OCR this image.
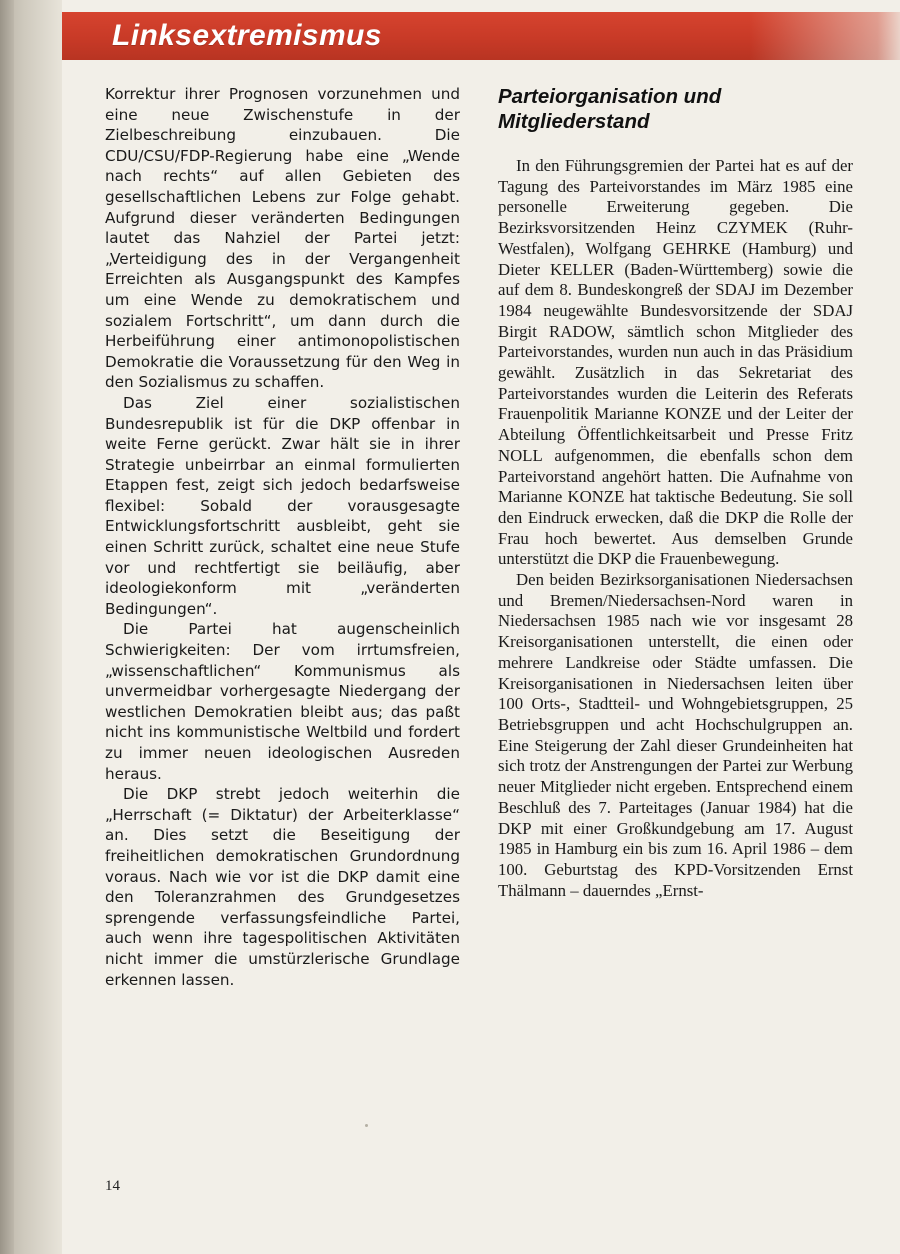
Linksextremismus

Korrektur ihrer Prognosen vorzunehmen und eine neue Zwischenstufe in der Zielbeschreibung einzubauen. Die CDU/CSU/FDP-Regierung habe eine „Wende nach rechts“ auf allen Gebieten des gesellschaftlichen Lebens zur Folge gehabt. Aufgrund dieser veränderten Bedingungen lautet das Nahziel der Partei jetzt: „Verteidigung des in der Vergangenheit Erreichten als Ausgangspunkt des Kampfes um eine Wende zu demokratischem und sozialem Fortschritt“, um dann durch die Herbeiführung einer antimonopolistischen Demokratie die Voraussetzung für den Weg in den Sozialismus zu schaffen.

Das Ziel einer sozialistischen Bundesrepublik ist für die DKP offenbar in weite Ferne gerückt. Zwar hält sie in ihrer Strategie unbeirrbar an einmal formulierten Etappen fest, zeigt sich jedoch bedarfsweise flexibel: Sobald der vorausgesagte Entwicklungsfortschritt ausbleibt, geht sie einen Schritt zurück, schaltet eine neue Stufe vor und rechtfertigt sie beiläufig, aber ideologiekonform mit „veränderten Bedingungen“.

Die Partei hat augenscheinlich Schwierigkeiten: Der vom irrtumsfreien, „wissenschaftlichen“ Kommunismus als unvermeidbar vorhergesagte Niedergang der westlichen Demokratien bleibt aus; das paßt nicht ins kommunistische Weltbild und fordert zu immer neuen ideologischen Ausreden heraus.

Die DKP strebt jedoch weiterhin die „Herrschaft (= Diktatur) der Arbeiterklasse“ an. Dies setzt die Beseitigung der freiheitlichen demokratischen Grundordnung voraus. Nach wie vor ist die DKP damit eine den Toleranzrahmen des Grundgesetzes sprengende verfassungsfeindliche Partei, auch wenn ihre tagespolitischen Aktivitäten nicht immer die umstürzlerische Grundlage erkennen lassen.

Parteiorganisation und Mitgliederstand

In den Führungsgremien der Partei hat es auf der Tagung des Parteivorstandes im März 1985 eine personelle Erweiterung gegeben. Die Bezirksvorsitzenden Heinz CZYMEK (Ruhr-Westfalen), Wolfgang GEHRKE (Hamburg) und Dieter KELLER (Baden-Württemberg) sowie die auf dem 8. Bundeskongreß der SDAJ im Dezember 1984 neugewählte Bundesvorsitzende der SDAJ Birgit RADOW, sämtlich schon Mitglieder des Parteivorstandes, wurden nun auch in das Präsidium gewählt. Zusätzlich in das Sekretariat des Parteivorstandes wurden die Leiterin des Referats Frauenpolitik Marianne KONZE und der Leiter der Abteilung Öffentlichkeitsarbeit und Presse Fritz NOLL aufgenommen, die ebenfalls schon dem Parteivorstand angehört hatten. Die Aufnahme von Marianne KONZE hat taktische Bedeutung. Sie soll den Eindruck erwecken, daß die DKP die Rolle der Frau hoch bewertet. Aus demselben Grunde unterstützt die DKP die Frauenbewegung.

Den beiden Bezirksorganisationen Niedersachsen und Bremen/Niedersachsen-Nord waren in Niedersachsen 1985 nach wie vor insgesamt 28 Kreisorganisationen unterstellt, die einen oder mehrere Landkreise oder Städte umfassen. Die Kreisorganisationen in Niedersachsen leiten über 100 Orts-, Stadtteil- und Wohngebietsgruppen, 25 Betriebsgruppen und acht Hochschulgruppen an. Eine Steigerung der Zahl dieser Grundeinheiten hat sich trotz der Anstrengungen der Partei zur Werbung neuer Mitglieder nicht ergeben. Entsprechend einem Beschluß des 7. Parteitages (Januar 1984) hat die DKP mit einer Großkundgebung am 17. August 1985 in Hamburg ein bis zum 16. April 1986 – dem 100. Geburtstag des KPD-Vorsitzenden Ernst Thälmann – dauerndes „Ernst-

14
